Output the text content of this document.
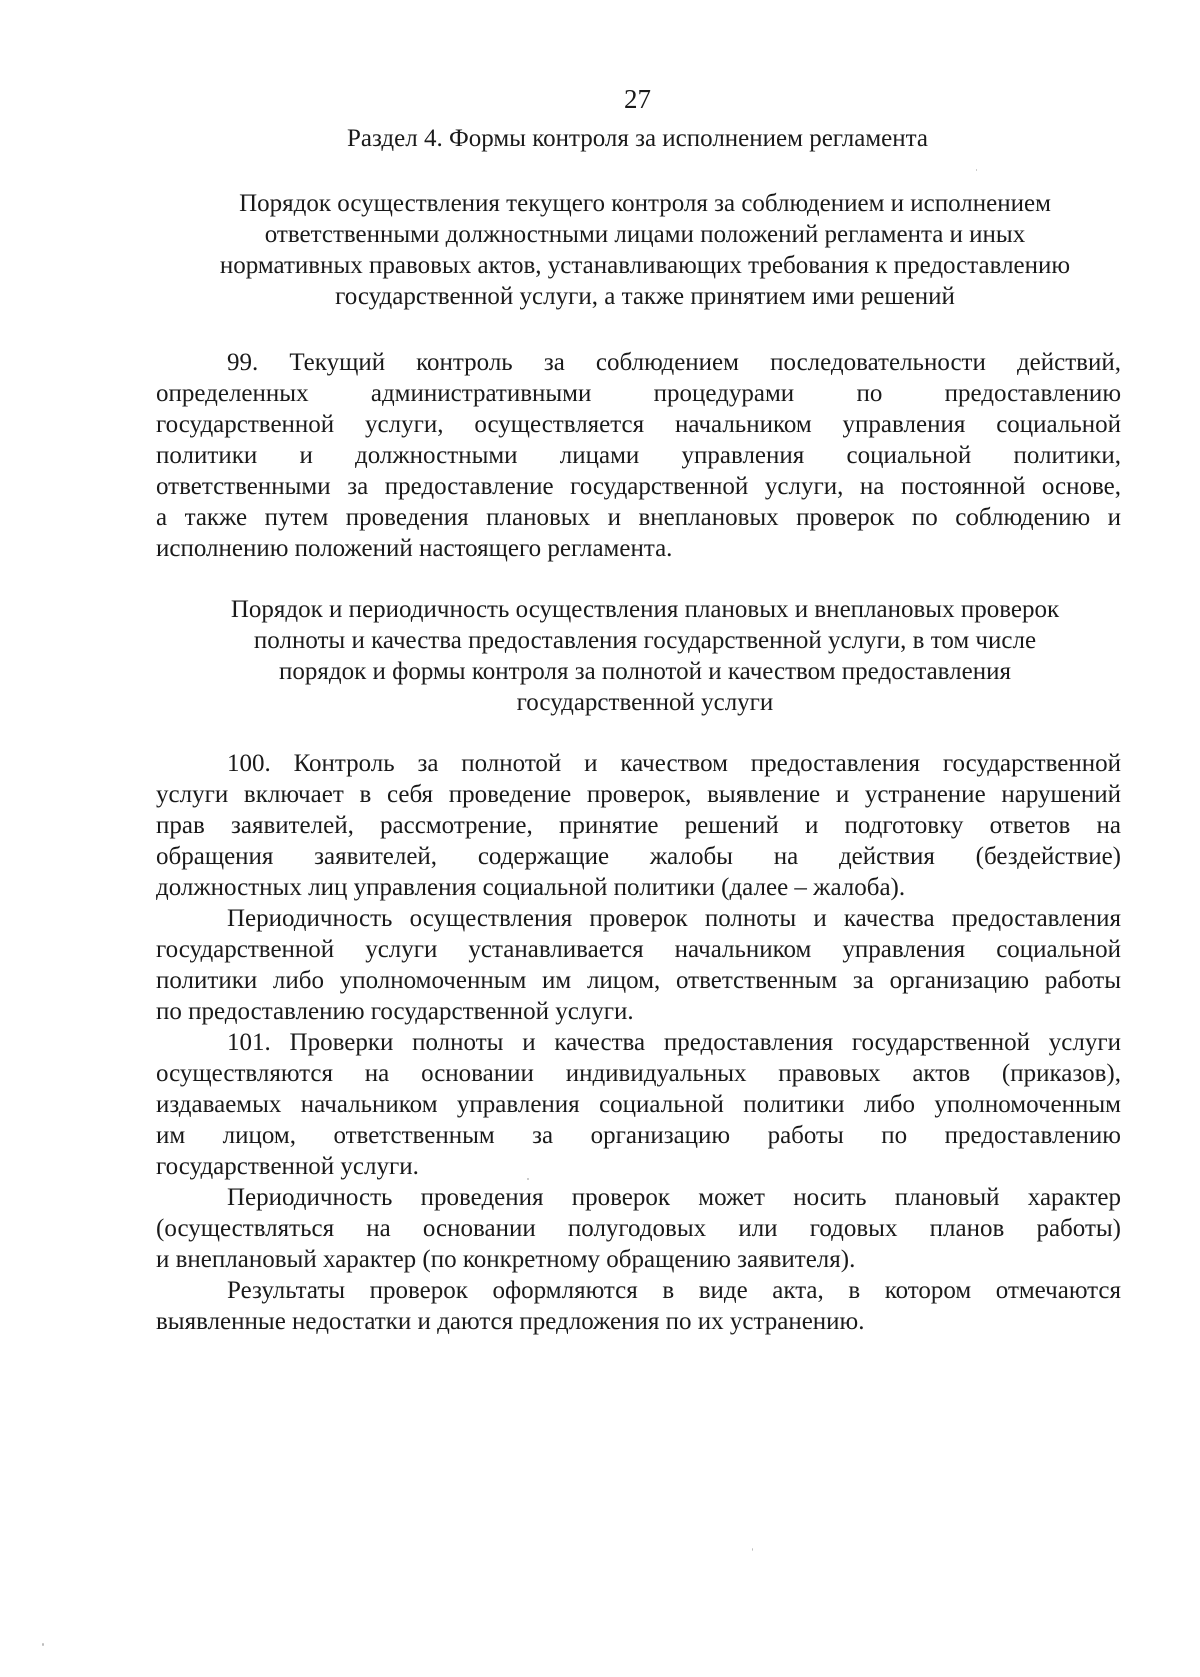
27
Раздел 4. Формы контроля за исполнением регламента
Порядок осуществления текущего контроля за соблюдением и исполнением
ответственными должностными лицами положений регламента и иных
нормативных правовых актов, устанавливающих требования к предоставлению
государственной услуги, а также принятием ими решений
99. Текущий контроль за соблюдением последовательности действий,
определенных административными процедурами по предоставлению
государственной услуги, осуществляется начальником управления социальной
политики и должностными лицами управления социальной политики,
ответственными за предоставление государственной услуги, на постоянной основе,
а также путем проведения плановых и внеплановых проверок по соблюдению и
исполнению положений настоящего регламента.
Порядок и периодичность осуществления плановых и внеплановых проверок
полноты и качества предоставления государственной услуги, в том числе
порядок и формы контроля за полнотой и качеством предоставления
государственной услуги
100. Контроль за полнотой и качеством предоставления государственной
услуги включает в себя проведение проверок, выявление и устранение нарушений
прав заявителей, рассмотрение, принятие решений и подготовку ответов на
обращения заявителей, содержащие жалобы на действия (бездействие)
должностных лиц управления социальной политики (далее – жалоба).
Периодичность осуществления проверок полноты и качества предоставления
государственной услуги устанавливается начальником управления социальной
политики либо уполномоченным им лицом, ответственным за организацию работы
по предоставлению государственной услуги.
101. Проверки полноты и качества предоставления государственной услуги
осуществляются на основании индивидуальных правовых актов (приказов),
издаваемых начальником управления социальной политики либо уполномоченным
им лицом, ответственным за организацию работы по предоставлению
государственной услуги.
Периодичность проведения проверок может носить плановый характер
(осуществляться на основании полугодовых или годовых планов работы)
и внеплановый характер (по конкретному обращению заявителя).
Результаты проверок оформляются в виде акта, в котором отмечаются
выявленные недостатки и даются предложения по их устранению.
